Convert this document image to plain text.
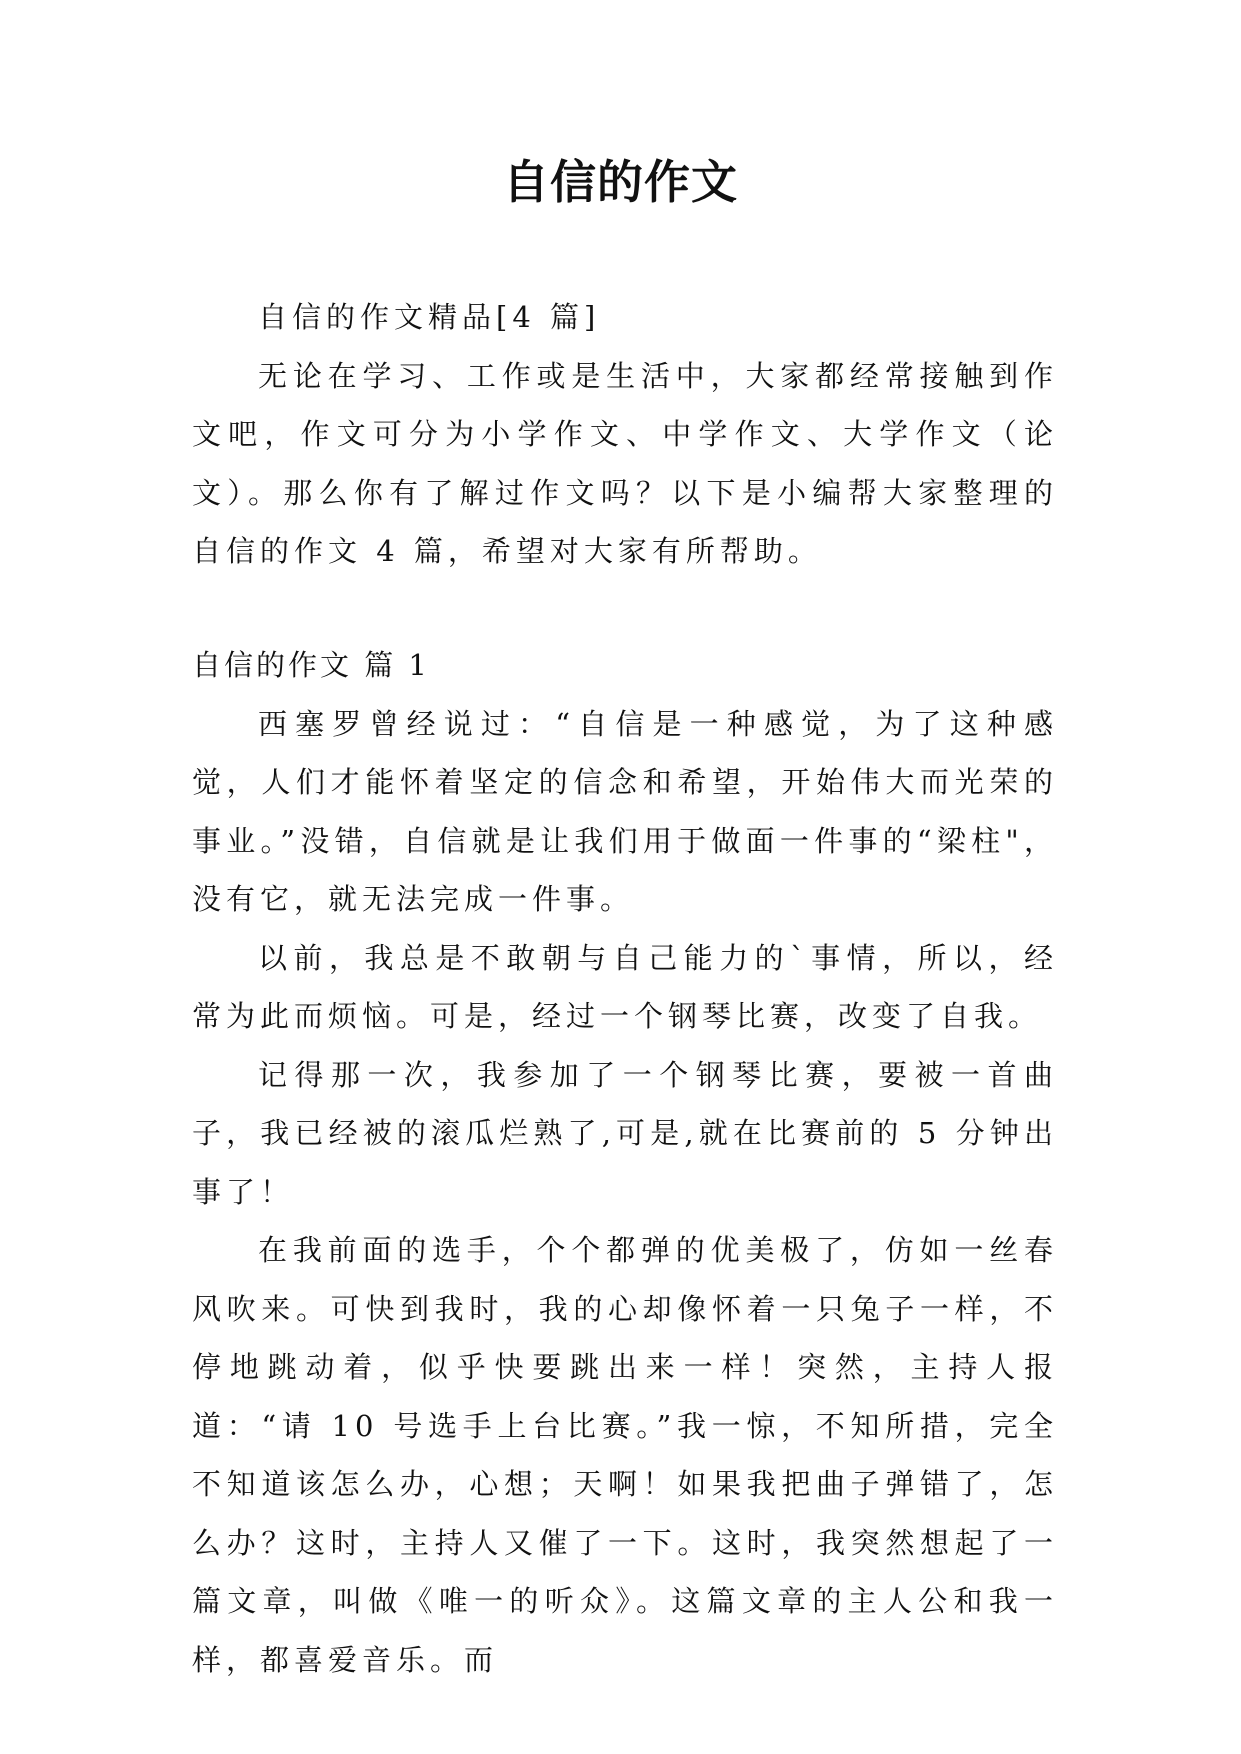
自信的作文

自信的作文精品[4 篇]

无论在学习、工作或是生活中，大家都经常接触到作文吧，作文可分为小学作文、中学作文、大学作文（论文）。那么你有了解过作文吗？以下是小编帮大家整理的自信的作文 4 篇，希望对大家有所帮助。

自信的作文 篇 1

西塞罗曾经说过：“自信是一种感觉，为了这种感觉，人们才能怀着坚定的信念和希望，开始伟大而光荣的事业。”没错，自信就是让我们用于做面一件事的“梁柱"，没有它，就无法完成一件事。

以前，我总是不敢朝与自己能力的`事情，所以，经常为此而烦恼。可是，经过一个钢琴比赛，改变了自我。

记得那一次，我参加了一个钢琴比赛，要被一首曲子，我已经被的滚瓜烂熟了,可是,就在比赛前的 5 分钟出事了！

在我前面的选手，个个都弹的优美极了，仿如一丝春风吹来。可快到我时，我的心却像怀着一只兔子一样，不停地跳动着，似乎快要跳出来一样！突然，主持人报道：“请 10 号选手上台比赛。”我一惊，不知所措，完全不知道该怎么办，心想；天啊！如果我把曲子弹错了，怎么办？这时，主持人又催了一下。这时，我突然想起了一篇文章，叫做《唯一的听众》。这篇文章的主人公和我一样，都喜爱音乐。而
